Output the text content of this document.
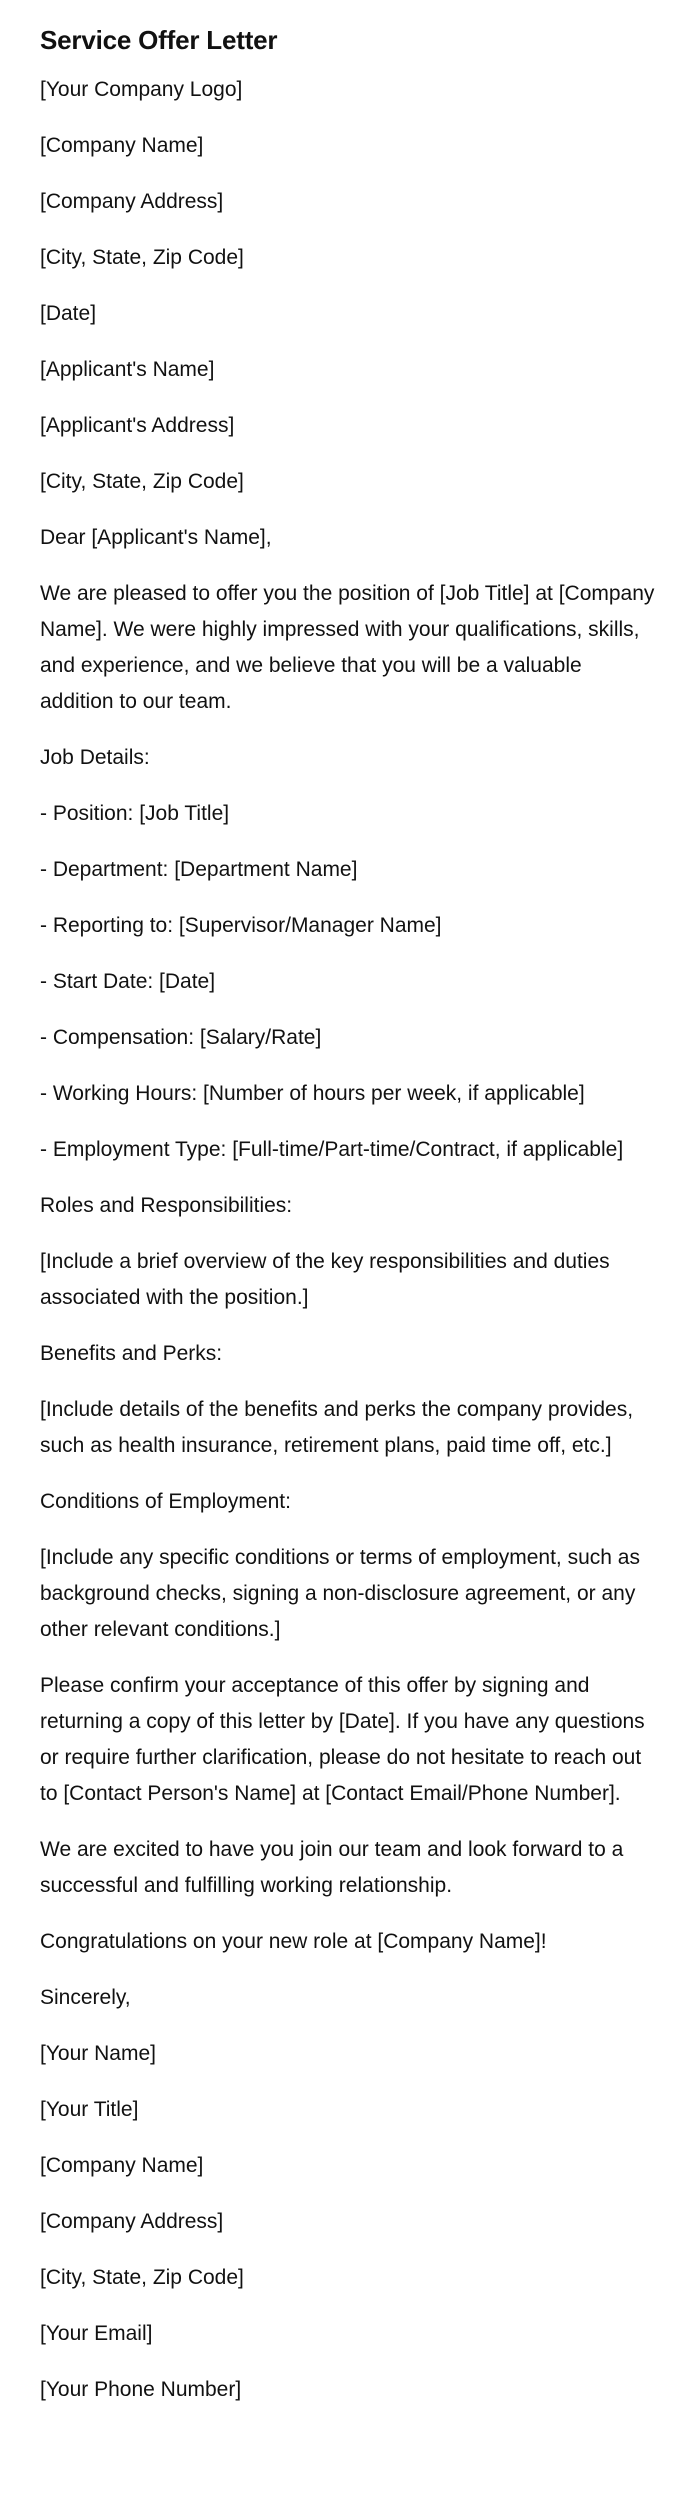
Service Offer Letter

[Your Company Logo]

[Company Name]

[Company Address]

[City, State, Zip Code]

[Date]

[Applicant's Name]

[Applicant's Address]

[City, State, Zip Code]

Dear [Applicant's Name],

We are pleased to offer you the position of [Job Title] at [Company Name]. We were highly impressed with your qualifications, skills, and experience, and we believe that you will be a valuable addition to our team.

Job Details:

- Position: [Job Title]

- Department: [Department Name]

- Reporting to: [Supervisor/Manager Name]

- Start Date: [Date]

- Compensation: [Salary/Rate]

- Working Hours: [Number of hours per week, if applicable]

- Employment Type: [Full-time/Part-time/Contract, if applicable]

Roles and Responsibilities:

[Include a brief overview of the key responsibilities and duties associated with the position.]

Benefits and Perks:

[Include details of the benefits and perks the company provides, such as health insurance, retirement plans, paid time off, etc.]

Conditions of Employment:

[Include any specific conditions or terms of employment, such as background checks, signing a non-disclosure agreement, or any other relevant conditions.]

Please confirm your acceptance of this offer by signing and returning a copy of this letter by [Date]. If you have any questions or require further clarification, please do not hesitate to reach out to [Contact Person's Name] at [Contact Email/Phone Number].

We are excited to have you join our team and look forward to a successful and fulfilling working relationship.

Congratulations on your new role at [Company Name]!

Sincerely,

[Your Name]

[Your Title]

[Company Name]

[Company Address]

[City, State, Zip Code]

[Your Email]

[Your Phone Number]
